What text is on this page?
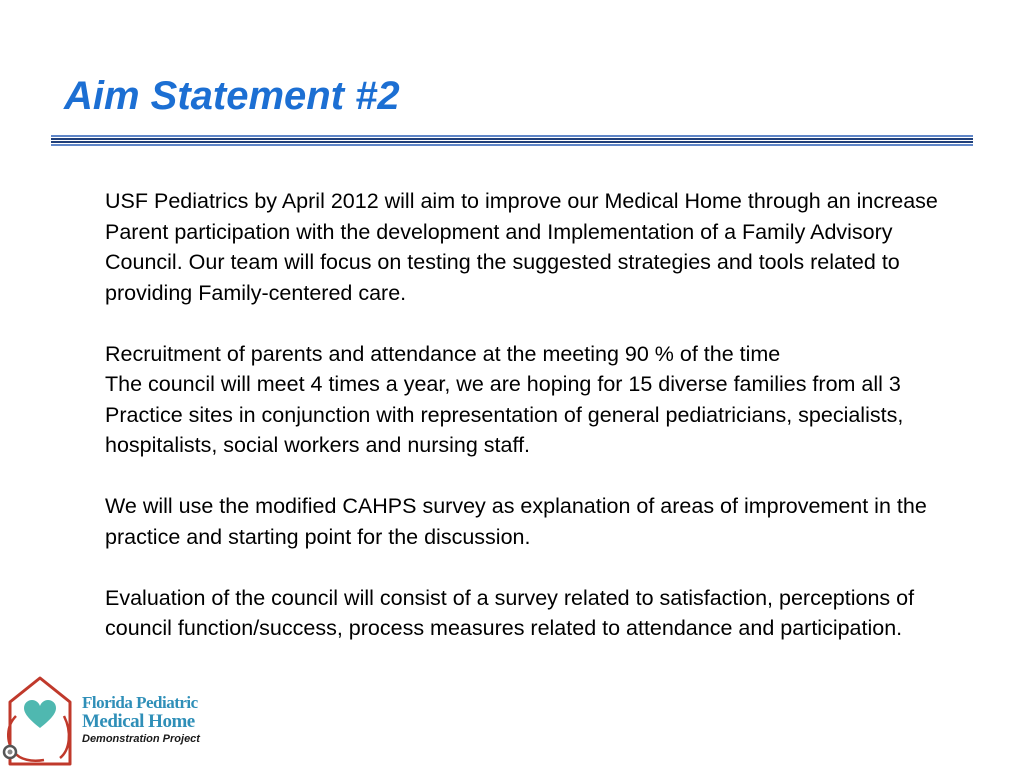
Aim Statement #2

USF Pediatrics by April 2012 will aim to improve our Medical Home through an increase Parent participation with the development and Implementation of a Family Advisory Council. Our team will focus on testing the suggested strategies and tools related to providing Family-centered care.

Recruitment of parents and attendance at the meeting 90 % of the time
The council will meet 4 times a year, we are hoping for 15 diverse families from all 3 Practice sites in conjunction with representation of general pediatricians, specialists, hospitalists, social workers and nursing staff.

We will use the modified CAHPS survey as explanation of areas of improvement in the practice and starting point for the discussion.

Evaluation of the council will consist of a survey related to satisfaction, perceptions of council function/success, process measures related to attendance and participation.

Florida Pediatric
Medical Home
Demonstration Project
